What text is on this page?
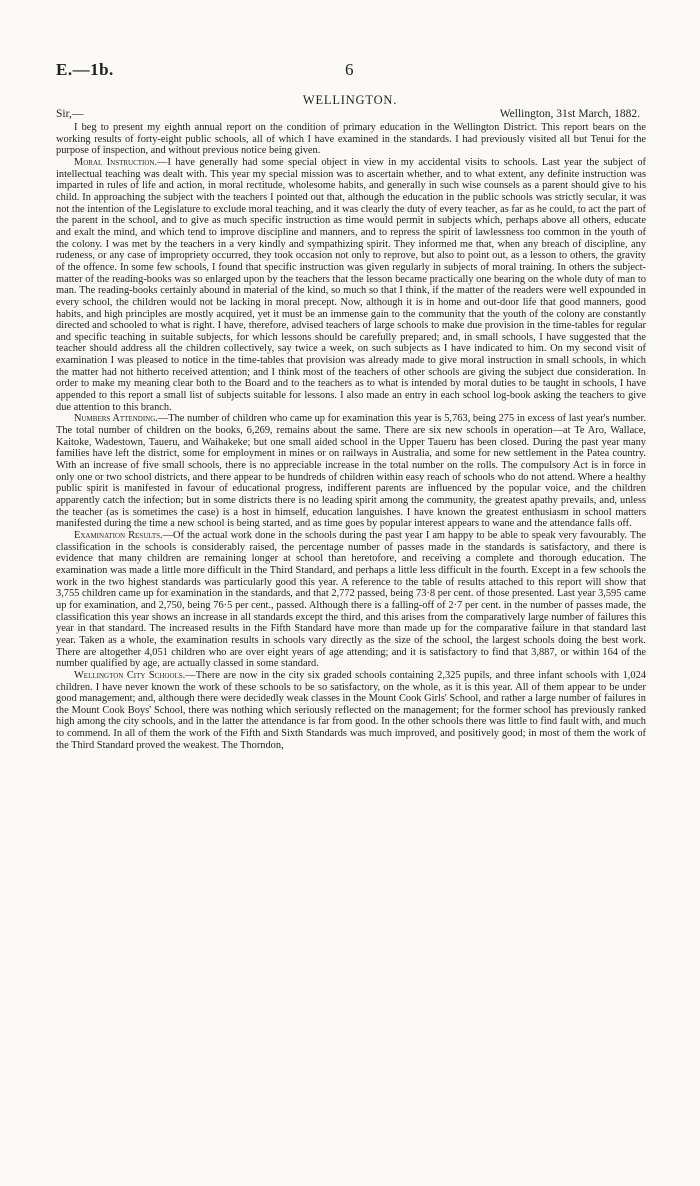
E.—1b.	6
WELLINGTON.
Sir,—	Wellington, 31st March, 1882.

I beg to present my eighth annual report on the condition of primary education in the Wellington District. This report bears on the working results of forty-eight public schools, all of which I have examined in the standards. I had previously visited all but Tenui for the purpose of inspection, and without previous notice being given.

Moral Instruction.—I have generally had some special object in view in my accidental visits to schools. Last year the subject of intellectual teaching was dealt with. This year my special mission was to ascertain whether, and to what extent, any definite instruction was imparted in rules of life and action, in moral rectitude, wholesome habits, and generally in such wise counsels as a parent should give to his child. In approaching the subject with the teachers I pointed out that, although the education in the public schools was strictly secular, it was not the intention of the Legislature to exclude moral teaching, and it was clearly the duty of every teacher, as far as he could, to act the part of the parent in the school, and to give as much specific instruction as time would permit in subjects which, perhaps above all others, educate and exalt the mind, and which tend to improve discipline and manners, and to repress the spirit of lawlessness too common in the youth of the colony. I was met by the teachers in a very kindly and sympathizing spirit. They informed me that, when any breach of discipline, any rudeness, or any case of impropriety occurred, they took occasion not only to reprove, but also to point out, as a lesson to others, the gravity of the offence. In some few schools, I found that specific instruction was given regularly in subjects of moral training. In others the subject-matter of the reading-books was so enlarged upon by the teachers that the lesson became practically one bearing on the whole duty of man to man. The reading-books certainly abound in material of the kind, so much so that I think, if the matter of the readers were well expounded in every school, the children would not be lacking in moral precept. Now, although it is in home and out-door life that good manners, good habits, and high principles are mostly acquired, yet it must be an immense gain to the community that the youth of the colony are constantly directed and schooled to what is right. I have, therefore, advised teachers of large schools to make due provision in the time-tables for regular and specific teaching in suitable subjects, for which lessons should be carefully prepared; and, in small schools, I have suggested that the teacher should address all the children collectively, say twice a week, on such subjects as I have indicated to him. On my second visit of examination I was pleased to notice in the time-tables that provision was already made to give moral instruction in small schools, in which the matter had not hitherto received attention; and I think most of the teachers of other schools are giving the subject due consideration. In order to make my meaning clear both to the Board and to the teachers as to what is intended by moral duties to be taught in schools, I have appended to this report a small list of subjects suitable for lessons. I also made an entry in each school log-book asking the teachers to give due attention to this branch.

Numbers Attending.—The number of children who came up for examination this year is 5,763, being 275 in excess of last year's number. The total number of children on the books, 6,269, remains about the same. There are six new schools in operation—at Te Aro, Wallace, Kaitoke, Wadestown, Taueru, and Waihakeke; but one small aided school in the Upper Taueru has been closed. During the past year many families have left the district, some for employment in mines or on railways in Australia, and some for new settlement in the Patea country. With an increase of five small schools, there is no appreciable increase in the total number on the rolls. The compulsory Act is in force in only one or two school districts, and there appear to be hundreds of children within easy reach of schools who do not attend. Where a healthy public spirit is manifested in favour of educational progress, indifferent parents are influenced by the popular voice, and the children apparently catch the infection; but in some districts there is no leading spirit among the community, the greatest apathy prevails, and, unless the teacher (as is sometimes the case) is a host in himself, education languishes. I have known the greatest enthusiasm in school matters manifested during the time a new school is being started, and as time goes by popular interest appears to wane and the attendance falls off.

Examination Results.—Of the actual work done in the schools during the past year I am happy to be able to speak very favourably. The classification in the schools is considerably raised, the percentage number of passes made in the standards is satisfactory, and there is evidence that many children are remaining longer at school than heretofore, and receiving a complete and thorough education. The examination was made a little more difficult in the Third Standard, and perhaps a little less difficult in the fourth. Except in a few schools the work in the two highest standards was particularly good this year. A reference to the table of results attached to this report will show that 3,755 children came up for examination in the standards, and that 2,772 passed, being 73·8 per cent. of those presented. Last year 3,595 came up for examination, and 2,750, being 76·5 per cent., passed. Although there is a falling-off of 2·7 per cent. in the number of passes made, the classification this year shows an increase in all standards except the third, and this arises from the comparatively large number of failures this year in that standard. The increased results in the Fifth Standard have more than made up for the comparative failure in that standard last year. Taken as a whole, the examination results in schools vary directly as the size of the school, the largest schools doing the best work. There are altogether 4,051 children who are over eight years of age attending; and it is satisfactory to find that 3,887, or within 164 of the number qualified by age, are actually classed in some standard.

Wellington City Schools.—There are now in the city six graded schools containing 2,325 pupils, and three infant schools with 1,024 children. I have never known the work of these schools to be so satisfactory, on the whole, as it is this year. All of them appear to be under good management; and, although there were decidedly weak classes in the Mount Cook Girls' School, and rather a large number of failures in the Mount Cook Boys' School, there was nothing which seriously reflected on the management; for the former school has previously ranked high among the city schools, and in the latter the attendance is far from good. In the other schools there was little to find fault with, and much to commend. In all of them the work of the Fifth and Sixth Standards was much improved, and positively good; in most of them the work of the Third Standard proved the weakest. The Thorndon,
